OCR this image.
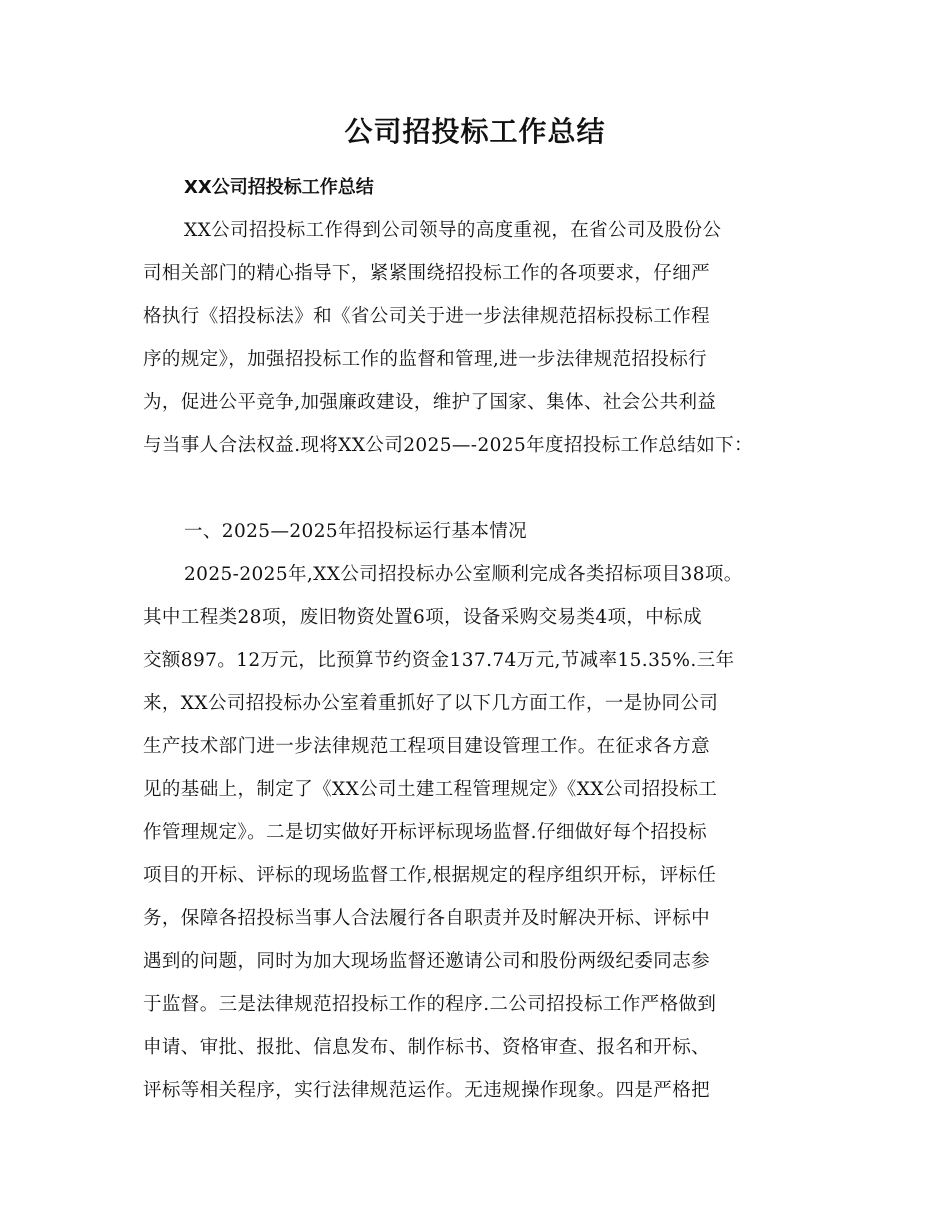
公司招投标工作总结
XX公司招投标工作总结
XX公司招投标工作得到公司领导的高度重视，在省公司及股份公
司相关部门的精心指导下，紧紧围绕招投标工作的各项要求，仔细严
格执行《招投标法》和《省公司关于进一步法律规范招标投标工作程
序的规定》，加强招投标工作的监督和管理,进一步法律规范招投标行
为，促进公平竞争,加强廉政建设，维护了国家、集体、社会公共利益
与当事人合法权益.现将XX公司2025—-2025年度招投标工作总结如下：
一、2025—2025年招投标运行基本情况
2025-2025年,XX公司招投标办公室顺利完成各类招标项目38项。
其中工程类28项，废旧物资处置6项，设备采购交易类4项，中标成
交额897。12万元，比预算节约资金137.74万元,节减率15.35%.三年
来，XX公司招投标办公室着重抓好了以下几方面工作，一是协同公司
生产技术部门进一步法律规范工程项目建设管理工作。在征求各方意
见的基础上，制定了《XX公司土建工程管理规定》《XX公司招投标工
作管理规定》。二是切实做好开标评标现场监督.仔细做好每个招投标
项目的开标、评标的现场监督工作,根据规定的程序组织开标，评标任
务，保障各招投标当事人合法履行各自职责并及时解决开标、评标中
遇到的问题，同时为加大现场监督还邀请公司和股份两级纪委同志参
于监督。三是法律规范招投标工作的程序.二公司招投标工作严格做到
申请、审批、报批、信息发布、制作标书、资格审查、报名和开标、
评标等相关程序，实行法律规范运作。无违规操作现象。四是严格把
